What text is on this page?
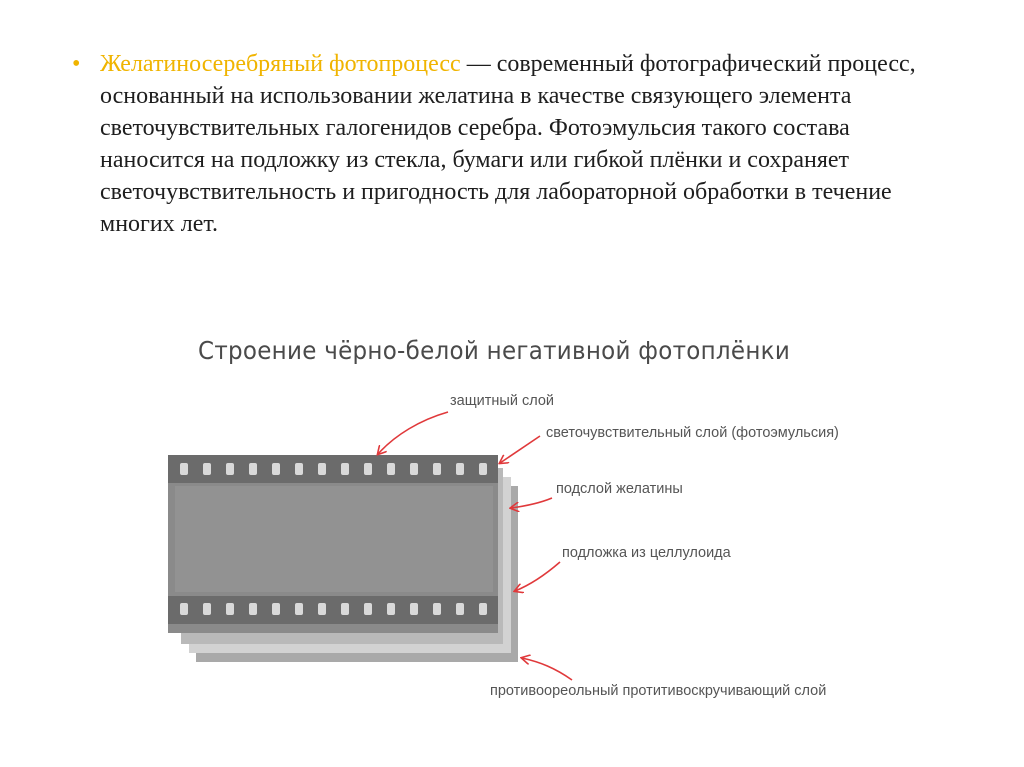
• Желатиносеребряный фотопроцесс — современный фотографический процесс, основанный на использовании желатина в качестве связующего элемента светочувствительных галогенидов серебра. Фотоэмульсия такого состава наносится на подложку из стекла, бумаги или гибкой плёнки и сохраняет светочувствительность и пригодность для лабораторной обработки в течение многих лет.
Строение чёрно-белой негативной фотоплёнки
защитный слой
светочувствительный слой (фотоэмульсия)
подслой желатины
подложка из целлулоида
противоореольный протитивоскручивающий слой
